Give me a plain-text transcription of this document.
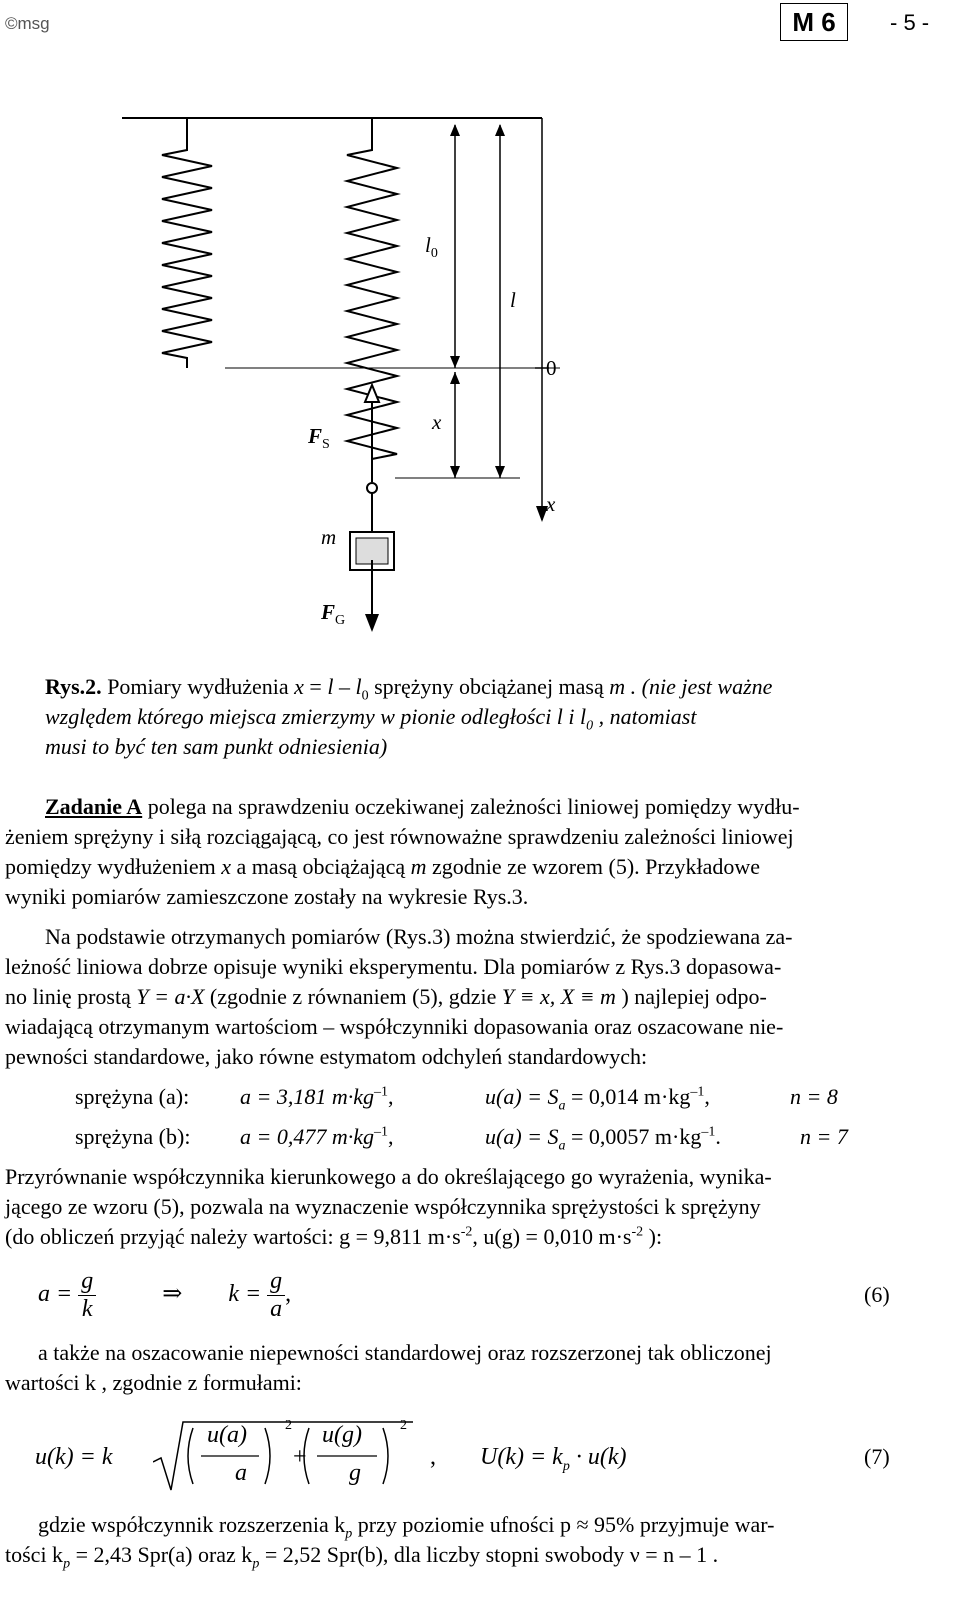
©msg	M 6	- 5 -
$l_0$
l
0
x
x
$F_S$
m
$F_G$
Rys.2. Pomiary wydłużenia $x = l - l_0$ sprężyny obciążanej masą m . (nie jest ważne
względem którego miejsca zmierzymy w pionie odległości l i $l_0$ , natomiast
musi to być ten sam punkt odniesienia)
Zadanie A polega na sprawdzeniu oczekiwanej zależności liniowej pomiędzy wydłu-
żeniem sprężyny i siłą rozciągającą, co jest równoważne sprawdzeniu zależności liniowej
pomiędzy wydłużeniem x a masą obciążającą m zgodnie ze wzorem (5). Przykładowe
wyniki pomiarów zamieszczone zostały na wykresie Rys.3.
Na podstawie otrzymanych pomiarów (Rys.3) można stwierdzić, że spodziewana za-
leżność liniowa dobrze opisuje wyniki eksperymentu. Dla pomiarów z Rys.3 dopasowa-
no linię prostą Y = a·X (zgodnie z równaniem (5), gdzie Y ≡ x, X ≡ m ) najlepiej odpo-
wiadającą otrzymanym wartościom – współczynniki dopasowania oraz oszacowane nie-
pewności standardowe, jako równe estymatom odchyleń standardowych:
sprężyna (a): a = 3,181 $m\cdot kg^{-1}$,	$u(a) = S_a = 0,014$ $m\cdot kg^{-1}$,	n = 8
sprężyna (b): a = 0,477 $m\cdot kg^{-1}$,	$u(a) = S_a = 0,0057$ $m\cdot kg^{-1}$.	n = 7
Przyrównanie współczynnika kierunkowego a do określającego go wyrażenia, wynika-
jącego ze wzoru (5), pozwala na wyznaczenie współczynnika sprężystości k sprężyny
(do obliczeń przyjąć należy wartości: g = 9,811 $m\cdot s^{-2}$, u(g) = 0,010 $m\cdot s^{-2}$ ):
$a = \frac{g}{k}$	⇒ $k = \frac{g}{a}$ ,	(6)
a także na oszacowanie niepewności standardowej oraz rozszerzonej tak obliczonej
wartości k , zgodnie z formułami:
u(k) = k
u(a)
a
2
+
u(g)
g
2
, $U(k) = k_p \cdot u(k)$	(7)
gdzie współczynnik rozszerzenia $k_p$ przy poziomie ufności p ≈ 95% przyjmuje war-
tości $k_p = 2,43$ Spr(a) oraz $k_p = 2,52$ Spr(b), dla liczby stopni swobody ν = n – 1 .
